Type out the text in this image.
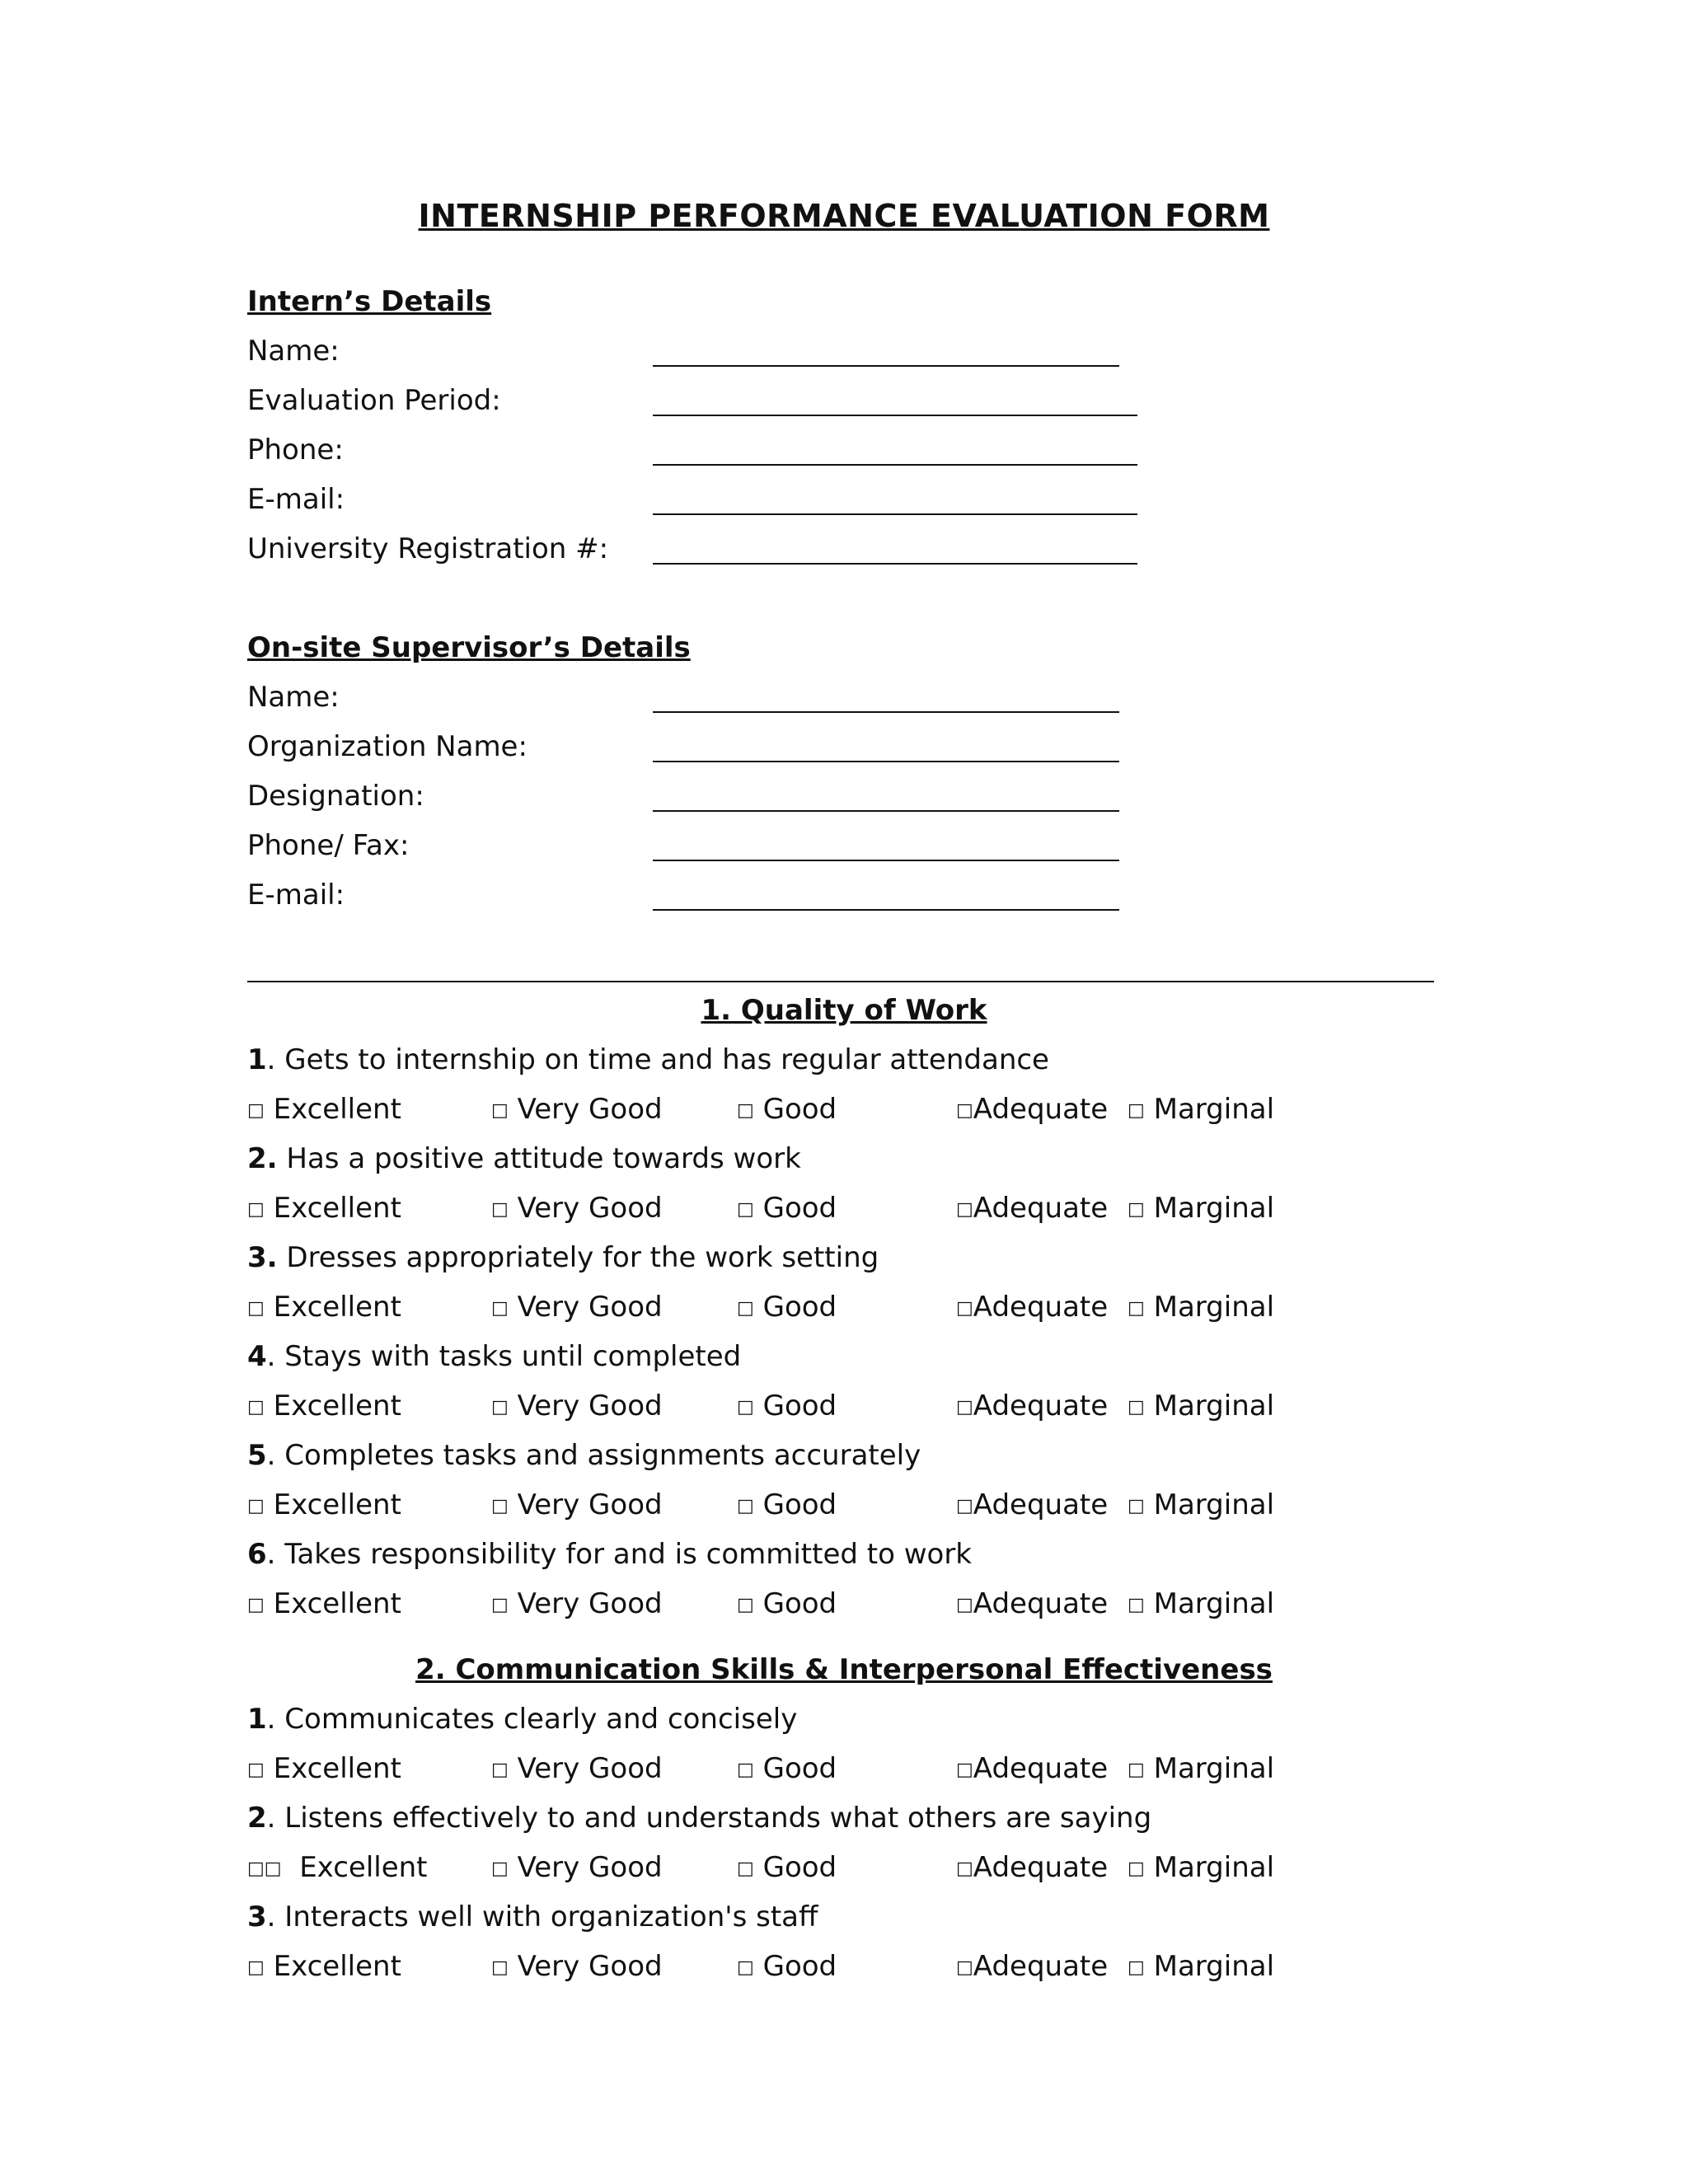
INTERNSHIP PERFORMANCE EVALUATION FORM
Intern’s Details
Name:
Evaluation Period:
Phone:
E-mail:
University Registration #:
On-site Supervisor’s Details
Name:
Organization Name:
Designation:
Phone/ Fax:
E-mail:
1. Quality of Work
2. Communication Skills & Interpersonal Effectiveness
1. Gets to internship on time and has regular attendance
□ Excellent	□ Very Good	□ Good	□Adequate □ Marginal
2. Has a positive attitude towards work
□ Excellent	□ Very Good	□ Good	□Adequate □ Marginal
3. Dresses appropriately for the work setting
□ Excellent	□ Very Good	□ Good	□Adequate □ Marginal
4. Stays with tasks until completed
□ Excellent	□ Very Good	□ Good	□Adequate □ Marginal
5. Completes tasks and assignments accurately
□ Excellent	□ Very Good	□ Good	□Adequate □ Marginal
6. Takes responsibility for and is committed to work
□ Excellent	□ Very Good	□ Good	□Adequate □ Marginal
1. Communicates clearly and concisely
□ Excellent	□ Very Good	□ Good	□Adequate □ Marginal
2. Listens effectively to and understands what others are saying
□□ Excellent	□ Very Good	□ Good	□Adequate □ Marginal
3. Interacts well with organization's staff
□ Excellent	□ Very Good	□ Good	□Adequate □ Marginal
